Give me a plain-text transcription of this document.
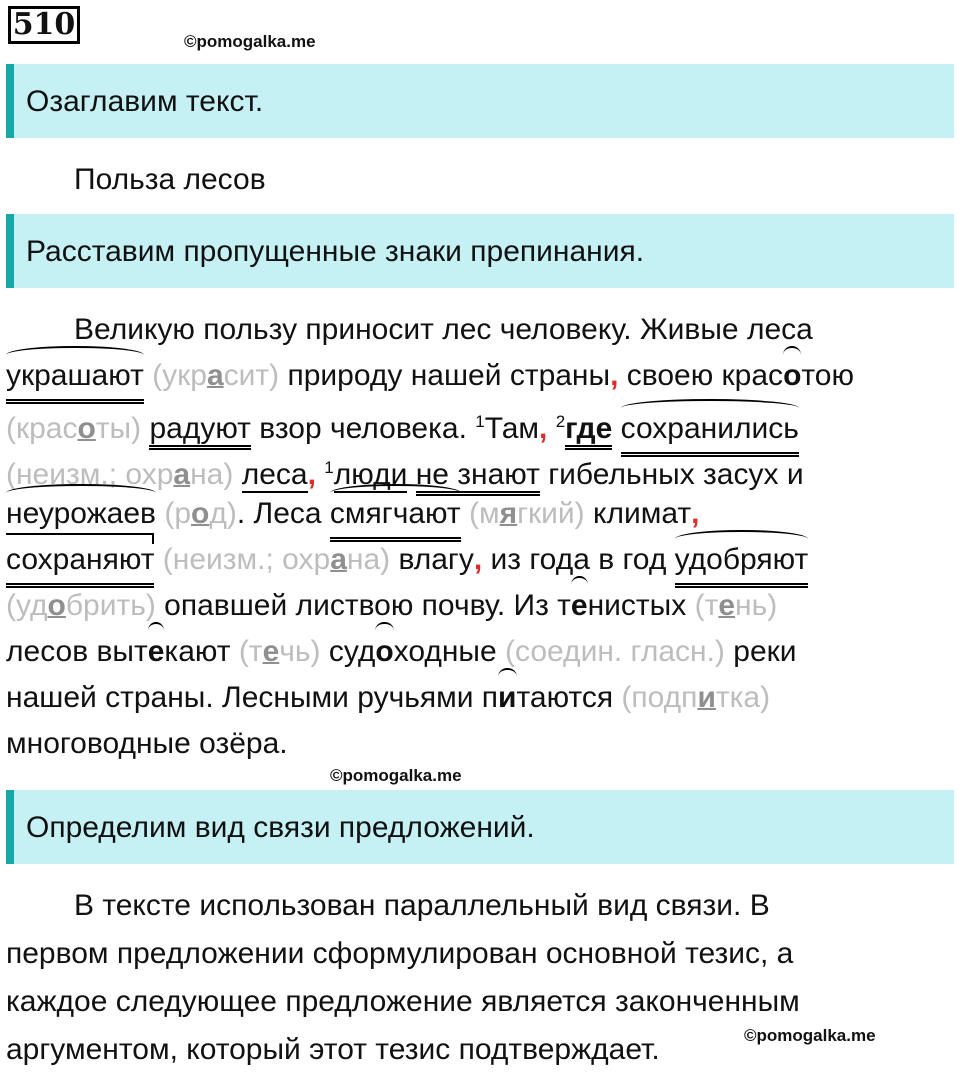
510	©pomogalka.me
Озаглавим текст.
Польза лесов
Расставим пропущенные знаки препинания.
Великую пользу приносит лес человеку. Живые леса
украшают (украсит) природу нашей страны, своею красотою
(красоты) радуют взор человека. $^1$Там, $^2$где сохранились
(неизм.; охрана) леса, $^1$люди не знают гибельных засух и
неурожаев (род). Леса смягчают (мягкий) климат,
сохраняют (неизм.; охрана) влагу, из года в год удобряют
(удобрить) опавшей листвою почву. Из тенистых (тень)
лесов вытекают (течь) судоходные (соедин. гласн.) реки
нашей страны. Лесными ручьями питаются (подпитка)
многоводные озёра.
©pomogalka.me
Определим вид связи предложений.
В тексте использован параллельный вид связи. В
первом предложении сформулирован основной тезис, а
каждое следующее предложение является законченным
аргументом, который этот тезис подтверждает.	©pomogalka.me
